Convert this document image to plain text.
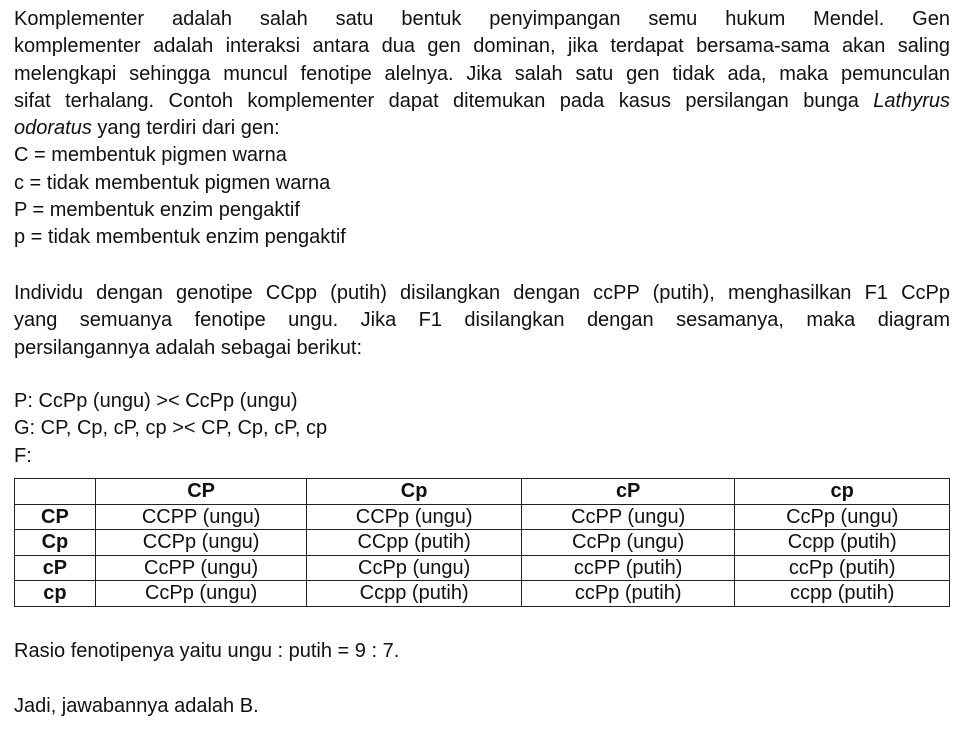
Komplementer adalah salah satu bentuk penyimpangan semu hukum Mendel. Gen
komplementer adalah interaksi antara dua gen dominan, jika terdapat bersama-sama akan saling
melengkapi sehingga muncul fenotipe alelnya. Jika salah satu gen tidak ada, maka pemunculan
sifat terhalang. Contoh komplementer dapat ditemukan pada kasus persilangan bunga Lathyrus
odoratus yang terdiri dari gen:
C = membentuk pigmen warna
c = tidak membentuk pigmen warna
P = membentuk enzim pengaktif
p = tidak membentuk enzim pengaktif
Individu dengan genotipe CCpp (putih) disilangkan dengan ccPP (putih), menghasilkan F1 CcPp
yang semuanya fenotipe ungu. Jika F1 disilangkan dengan sesamanya, maka diagram
persilangannya adalah sebagai berikut:
P: CcPp (ungu) >< CcPp (ungu)
G: CP, Cp, cP, cp >< CP, Cp, cP, cp
F:
	CP	Cp	cP	cp
CP	CCPP (ungu)	CCPp (ungu)	CcPP (ungu)	CcPp (ungu)
Cp	CCPp (ungu)	CCpp (putih)	CcPp (ungu)	Ccpp (putih)
cP	CcPP (ungu)	CcPp (ungu)	ccPP (putih)	ccPp (putih)
cp	CcPp (ungu)	Ccpp (putih)	ccPp (putih)	ccpp (putih)
Rasio fenotipenya yaitu ungu : putih = 9 : 7.
Jadi, jawabannya adalah B.
